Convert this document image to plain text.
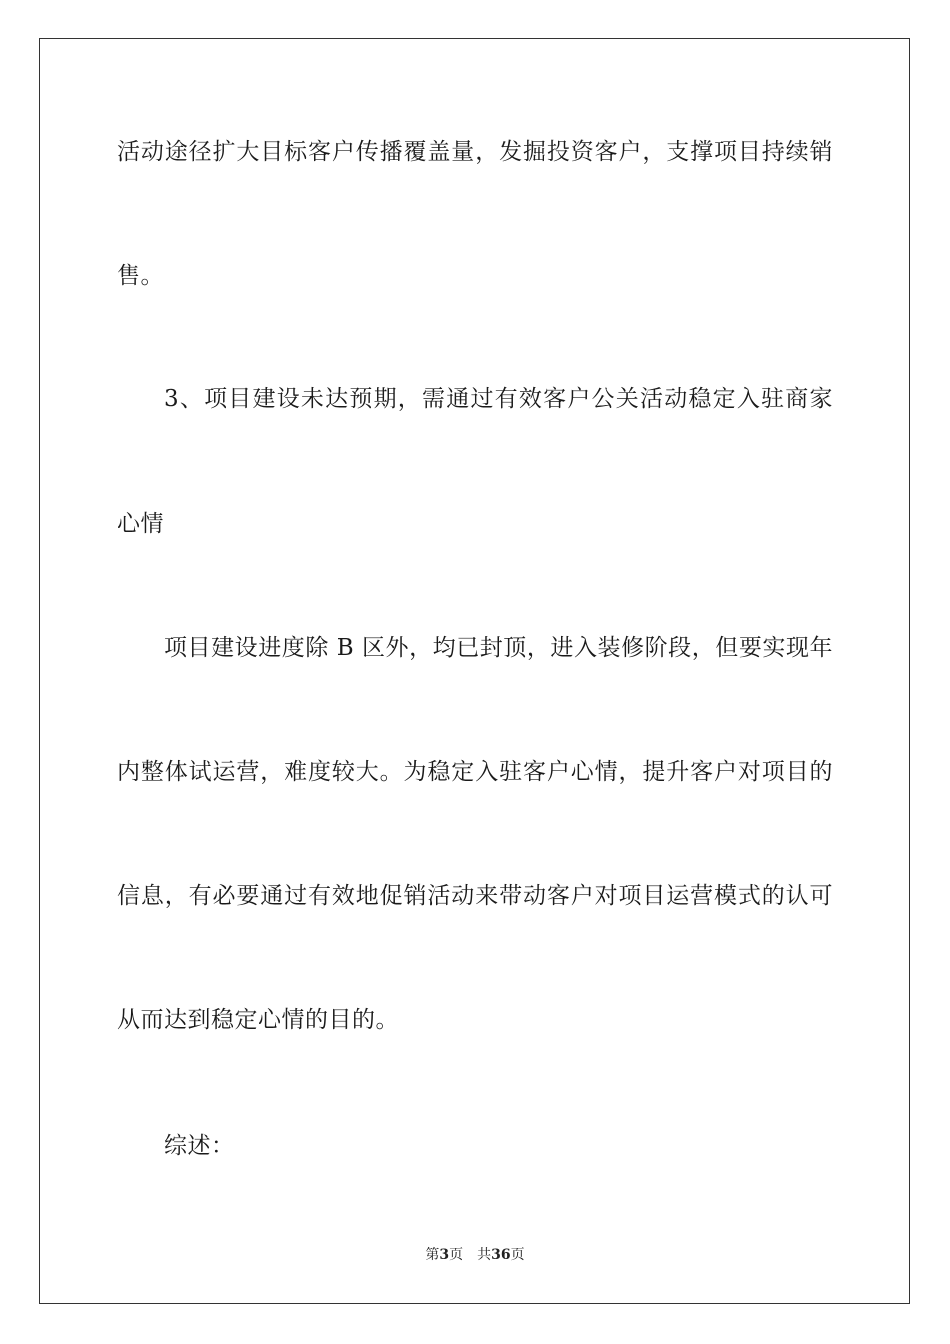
活动途径扩大目标客户传播覆盖量，发掘投资客户，支撑项目持续销
售。
3、项目建设未达预期，需通过有效客户公关活动稳定入驻商家
心情
项目建设进度除 B 区外，均已封顶，进入装修阶段，但要实现年
内整体试运营，难度较大。为稳定入驻客户心情，提升客户对项目的
信息，有必要通过有效地促销活动来带动客户对项目运营模式的认可
从而达到稳定心情的目的。
综述：
第3页 共36页
